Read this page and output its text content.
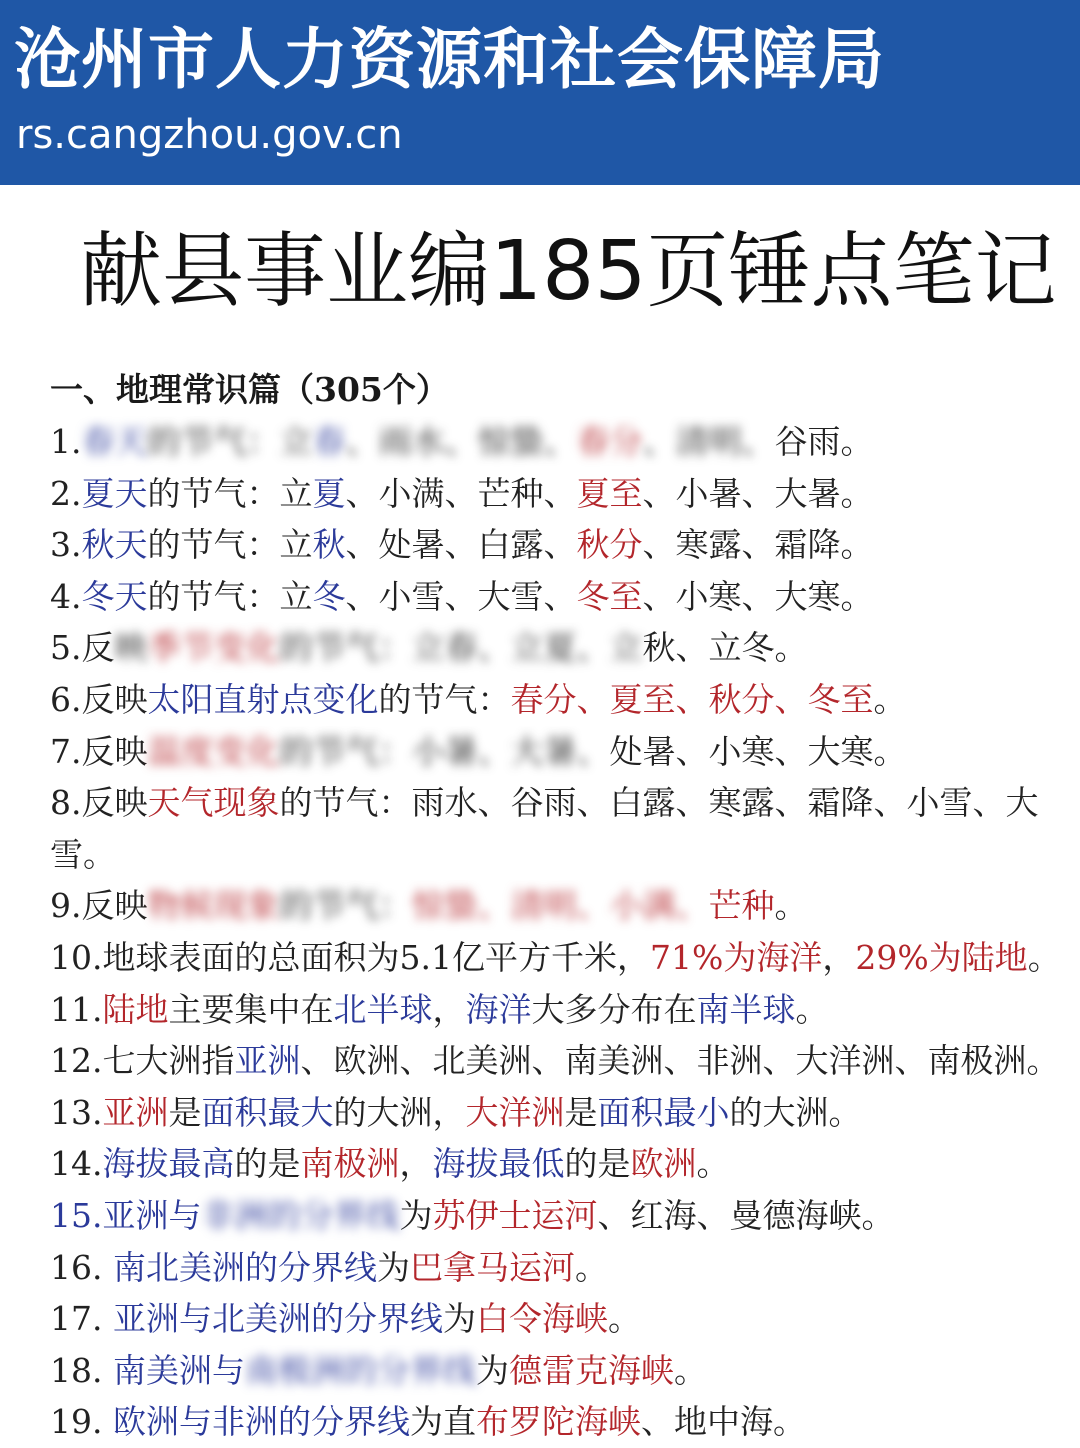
沧州市人力资源和社会保障局
rs.cangzhou.gov.cn
献县事业编185页锤点笔记
一、地理常识篇（305个）
1.春天的节气：立春、雨水、惊蛰、春分、清明、谷雨。
2.夏天的节气：立夏、小满、芒种、夏至、小暑、大暑。
3.秋天的节气：立秋、处暑、白露、秋分、寒露、霜降。
4.冬天的节气：立冬、小雪、大雪、冬至、小寒、大寒。
5.反映季节变化的节气：立春、立夏、立秋、立冬。
6.反映太阳直射点变化的节气：春分、夏至、秋分、冬至。
7.反映温度变化的节气：小暑、大暑、处暑、小寒、大寒。
8.反映天气现象的节气：雨水、谷雨、白露、寒露、霜降、小雪、大雪。
9.反映物候现象的节气：惊蛰、清明、小满、芒种。
10.地球表面的总面积为5.1亿平方千米，71%为海洋，29%为陆地。
11.陆地主要集中在北半球，海洋大多分布在南半球。
12.七大洲指亚洲、欧洲、北美洲、南美洲、非洲、大洋洲、南极洲。
13.亚洲是面积最大的大洲，大洋洲是面积最小的大洲。
14.海拔最高的是南极洲，海拔最低的是欧洲。
15.亚洲与非洲的分界线为苏伊士运河、红海、曼德海峡。
16. 南北美洲的分界线为巴拿马运河。
17. 亚洲与北美洲的分界线为白令海峡。
18. 南美洲与南极洲的分界线为德雷克海峡。
19. 欧洲与非洲的分界线为直布罗陀海峡、地中海。
